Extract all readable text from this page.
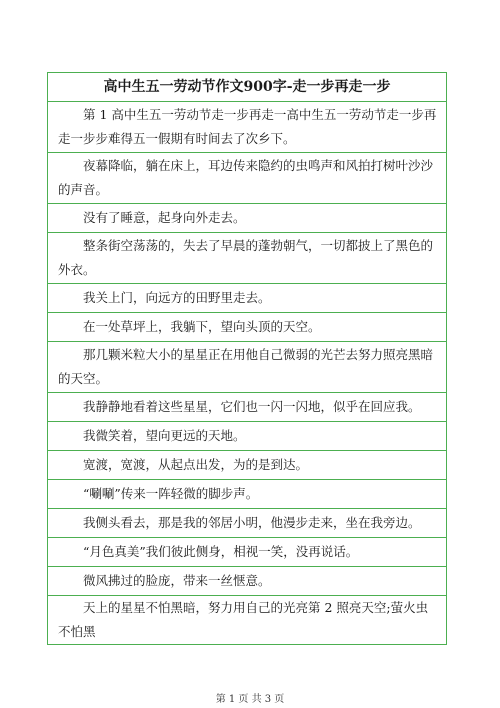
高中生五一劳动节作文900字-走一步再走一步
第 1 高中生五一劳动节走一步再走一高中生五一劳动节走一步再走一步步难得五一假期有时间去了次乡下。
夜幕降临，躺在床上，耳边传来隐约的虫鸣声和风拍打树叶沙沙的声音。
没有了睡意，起身向外走去。
整条街空荡荡的，失去了早晨的蓬勃朝气，一切都披上了黑色的外衣。
我关上门，向远方的田野里走去。
在一处草坪上，我躺下，望向头顶的天空。
那几颗米粒大小的星星正在用他自己微弱的光芒去努力照亮黑暗的天空。
我静静地看着这些星星，它们也一闪一闪地，似乎在回应我。
我微笑着，望向更远的天地。
宽渡，宽渡，从起点出发，为的是到达。
“唰唰”传来一阵轻微的脚步声。
我侧头看去，那是我的邻居小明，他漫步走来，坐在我旁边。
“月色真美”我们彼此侧身，相视一笑，没再说话。
微风拂过的脸庞，带来一丝惬意。
天上的星星不怕黑暗，努力用自己的光亮第 2 照亮天空;萤火虫不怕黑
第 1 页 共 3 页
